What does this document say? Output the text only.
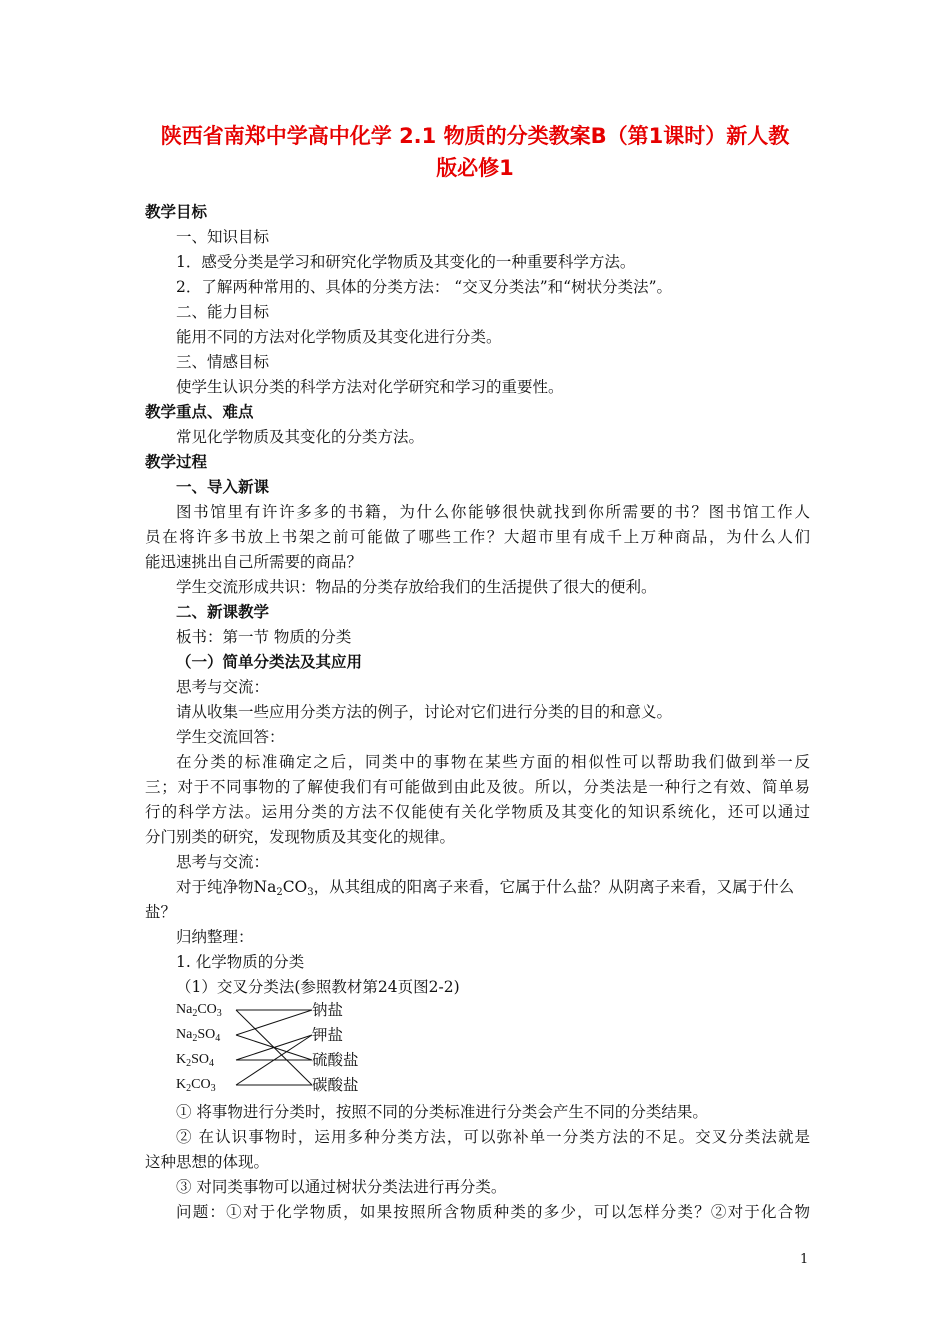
陕西省南郑中学高中化学 2.1 物质的分类教案B（第1课时）新人教
版必修1
教学目标
一、知识目标
1．感受分类是学习和研究化学物质及其变化的一种重要科学方法。
2．了解两种常用的、具体的分类方法： “交叉分类法”和“树状分类法”。
二、能力目标
能用不同的方法对化学物质及其变化进行分类。
三、情感目标
使学生认识分类的科学方法对化学研究和学习的重要性。
教学重点、难点
常见化学物质及其变化的分类方法。
教学过程
一、导入新课
图书馆里有许许多多的书籍，为什么你能够很快就找到你所需要的书？图书馆工作人
员在将许多书放上书架之前可能做了哪些工作？大超市里有成千上万种商品，为什么人们
能迅速挑出自己所需要的商品？
学生交流形成共识：物品的分类存放给我们的生活提供了很大的便利。
二、新课教学
板书：第一节 物质的分类
（一）简单分类法及其应用
思考与交流：
请从收集一些应用分类方法的例子，讨论对它们进行分类的目的和意义。
学生交流回答：
在分类的标准确定之后，同类中的事物在某些方面的相似性可以帮助我们做到举一反
三；对于不同事物的了解使我们有可能做到由此及彼。所以，分类法是一种行之有效、简单易
行的科学方法。运用分类的方法不仅能使有关化学物质及其变化的知识系统化，还可以通过
分门别类的研究，发现物质及其变化的规律。
思考与交流：
对于纯净物$Na_2CO_3$，从其组成的阳离子来看，它属于什么盐？从阴离子来看，又属于什么
盐？
归纳整理：
1. 化学物质的分类
（1）交叉分类法(参照教材第24页图2-2)
$Na_2CO_3$
$Na_2SO_4$
$K_2SO_4$
$K_2CO_3$
钠盐
钾盐
硫酸盐
碳酸盐
① 将事物进行分类时，按照不同的分类标准进行分类会产生不同的分类结果。
② 在认识事物时，运用多种分类方法，可以弥补单一分类方法的不足。交叉分类法就是
这种思想的体现。
③ 对同类事物可以通过树状分类法进行再分类。
问题：①对于化学物质，如果按照所含物质种类的多少，可以怎样分类？②对于化合物
1
